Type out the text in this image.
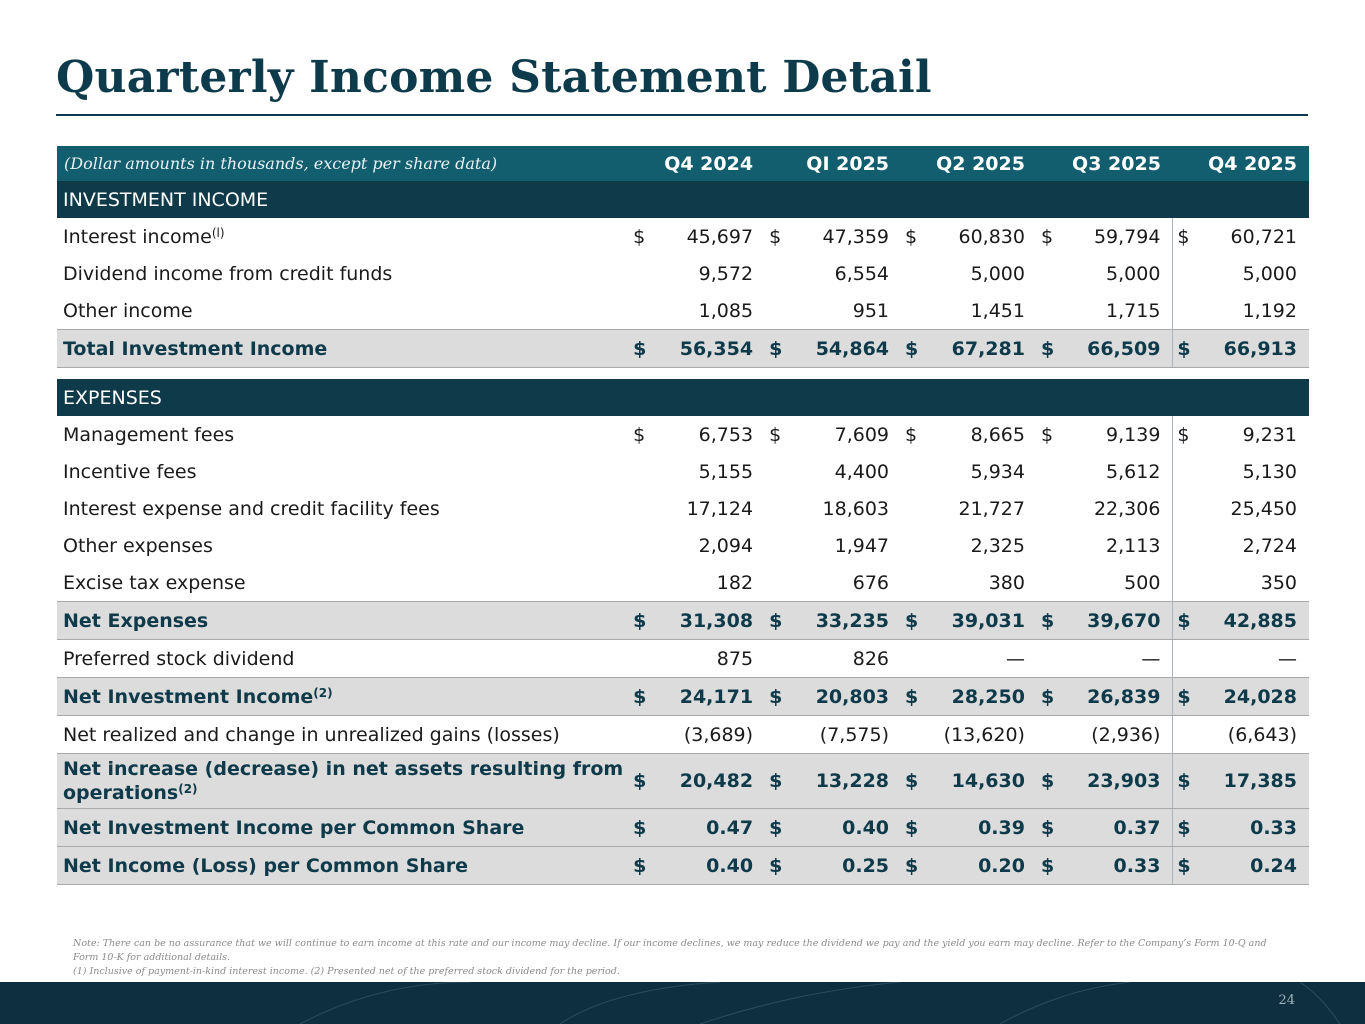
Quarterly Income Statement Detail
(Dollar amounts in thousands, except per share data)	Q4 2024		QI 2025		Q2 2025		Q3 2025		Q4 2025	
INVESTMENT INCOME										
Interest income$^{(l)}$	$	45,697	$	47,359	$	60,830	$	59,794	$	60,721
Dividend income from credit funds		9,572		6,554		5,000		5,000		5,000
Other income		1,085		951		1,451		1,715		1,192
Total Investment Income	$	56,354	$	54,864	$	67,281	$	66,509	$	66,913

EXPENSES										
Management fees	$	6,753	$	7,609	$	8,665	$	9,139	$	9,231
Incentive fees		5,155		4,400		5,934		5,612		5,130
Interest expense and credit facility fees		17,124		18,603		21,727		22,306		25,450
Other expenses		2,094		1,947		2,325		2,113		2,724
Excise tax expense		182		676		380		500		350
Net Expenses	$	31,308	$	33,235	$	39,031	$	39,670	$	42,885
Preferred stock dividend		875		826		—		—		—
Net Investment Income$^{(2)}$	$	24,171	$	20,803	$	28,250	$	26,839	$	24,028
Net realized and change in unrealized gains (losses)		(3,689)		(7,575)		(13,620)		(2,936)		(6,643)
Net increase (decrease) in net assets resulting from operations$^{(2)}$	$	20,482	$	13,228	$	14,630	$	23,903	$	17,385
Net Investment Income per Common Share	$	0.47	$	0.40	$	0.39	$	0.37	$	0.33
Net Income (Loss) per Common Share	$	0.40	$	0.25	$	0.20	$	0.33	$	0.24

Note: There can be no assurance that we will continue to earn income at this rate and our income may decline. If our income declines, we may reduce the dividend we pay and the yield you earn may decline. Refer to the Company’s Form 10-Q and Form 10-K for additional details.

(1) Inclusive of payment-in-kind interest income. (2) Presented net of the preferred stock dividend for the period.

24
